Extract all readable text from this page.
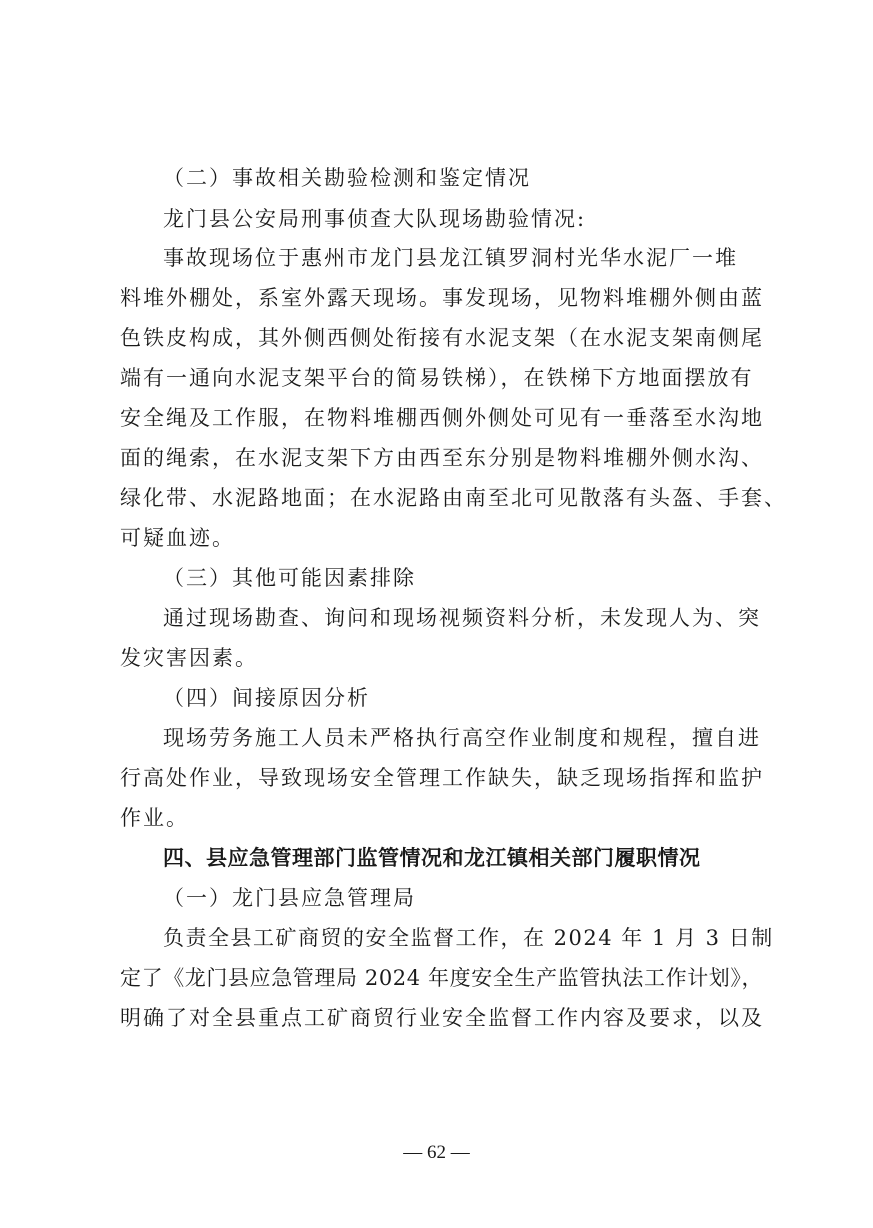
（二）事故相关勘验检测和鉴定情况
龙门县公安局刑事侦查大队现场勘验情况:
事故现场位于惠州市龙门县龙江镇罗洞村光华水泥厂一堆
料堆外棚处，系室外露天现场。事发现场，见物料堆棚外侧由蓝
色铁皮构成，其外侧西侧处衔接有水泥支架（在水泥支架南侧尾
端有一通向水泥支架平台的简易铁梯），在铁梯下方地面摆放有
安全绳及工作服，在物料堆棚西侧外侧处可见有一垂落至水沟地
面的绳索，在水泥支架下方由西至东分别是物料堆棚外侧水沟、
绿化带、水泥路地面；在水泥路由南至北可见散落有头盔、手套、
可疑血迹。
（三）其他可能因素排除
通过现场勘查、询问和现场视频资料分析，未发现人为、突
发灾害因素。
（四）间接原因分析
现场劳务施工人员未严格执行高空作业制度和规程，擅自进
行高处作业，导致现场安全管理工作缺失，缺乏现场指挥和监护
作业。
四、县应急管理部门监管情况和龙江镇相关部门履职情况
（一）龙门县应急管理局
负责全县工矿商贸的安全监督工作，在 2024 年 1 月 3 日制
定了《龙门县应急管理局 2024 年度安全生产监管执法工作计划》，
明确了对全县重点工矿商贸行业安全监督工作内容及要求，以及
— 62 —
